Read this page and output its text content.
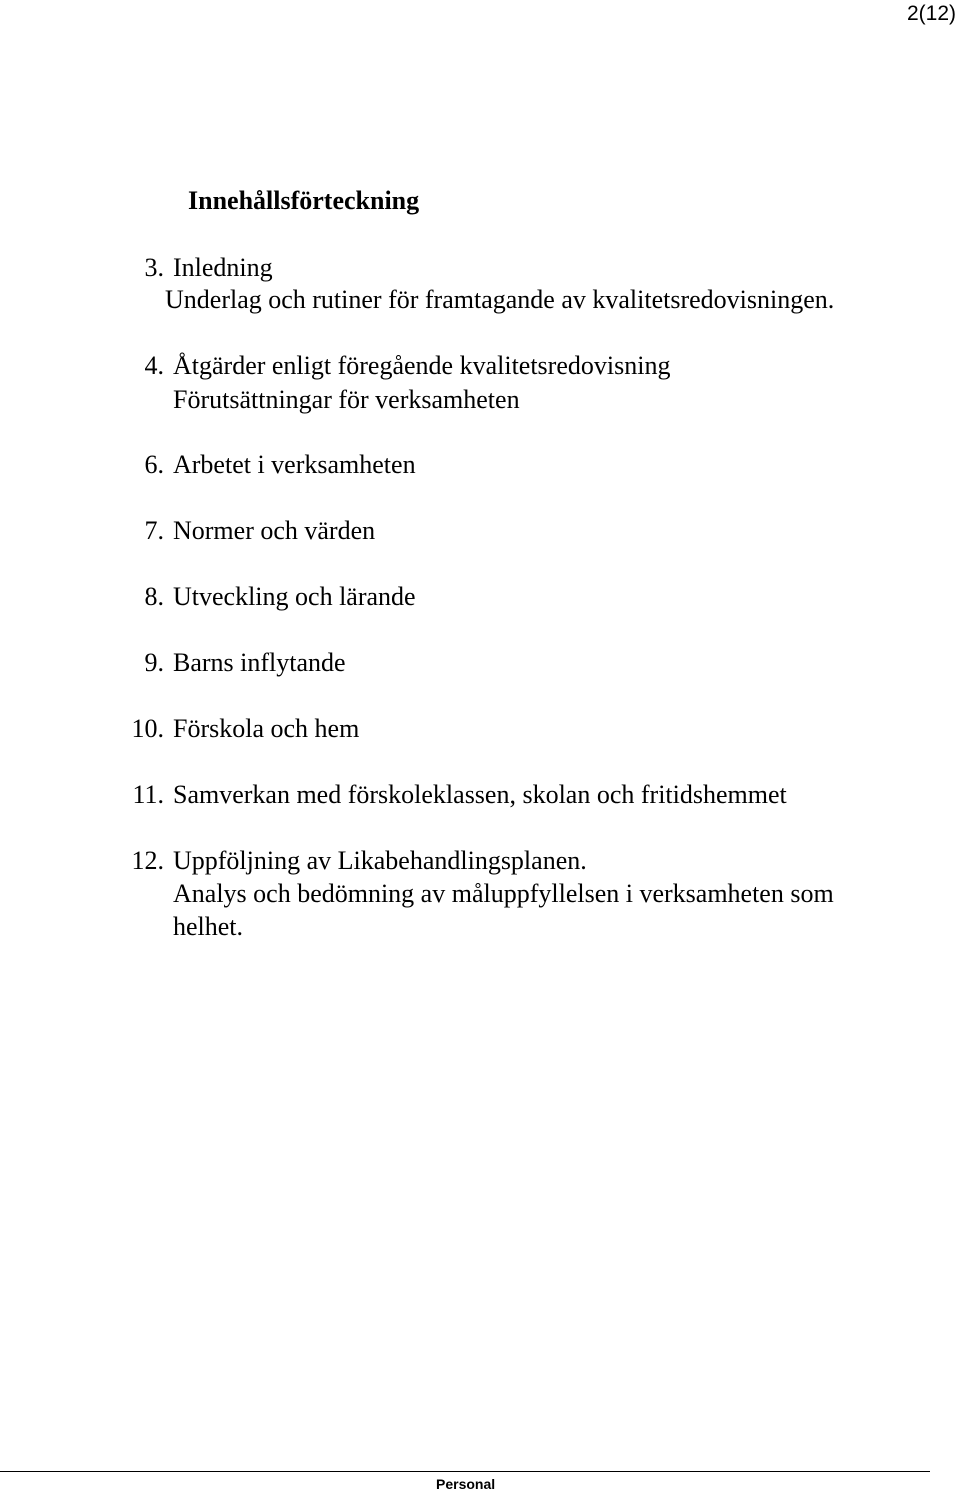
2(12)
Innehållsförteckning
3. Inledning
Underlag och rutiner för framtagande av kvalitetsredovisningen.
4. Åtgärder enligt föregående kvalitetsredovisning
Förutsättningar för verksamheten
6. Arbetet i verksamheten
7. Normer och värden
8. Utveckling och lärande
9. Barns inflytande
10. Förskola och hem
11. Samverkan med förskoleklassen, skolan och fritidshemmet
12. Uppföljning av Likabehandlingsplanen.
Analys och bedömning av måluppfyllelsen i verksamheten som
helhet.
Personal
